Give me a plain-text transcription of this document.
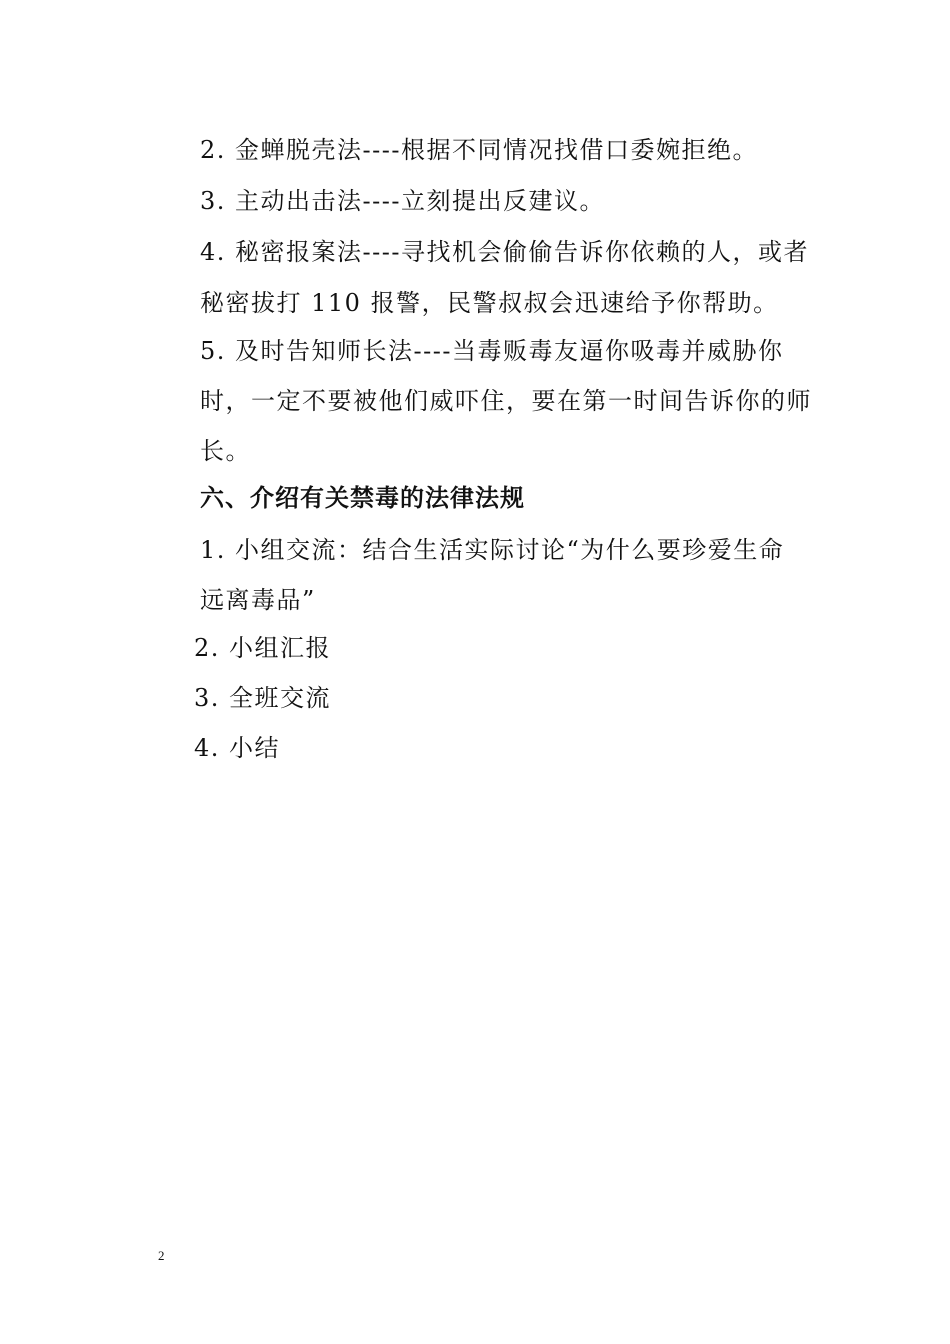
2. 金蝉脱壳法----根据不同情况找借口委婉拒绝。
3. 主动出击法----立刻提出反建议。
4. 秘密报案法----寻找机会偷偷告诉你依赖的人，或者
秘密拔打 110 报警，民警叔叔会迅速给予你帮助。
5. 及时告知师长法----当毒贩毒友逼你吸毒并威胁你
时，一定不要被他们威吓住，要在第一时间告诉你的师
长。
六、介绍有关禁毒的法律法规
1. 小组交流：结合生活实际讨论“为什么要珍爱生命
远离毒品”
2. 小组汇报
3. 全班交流
4. 小结
2
